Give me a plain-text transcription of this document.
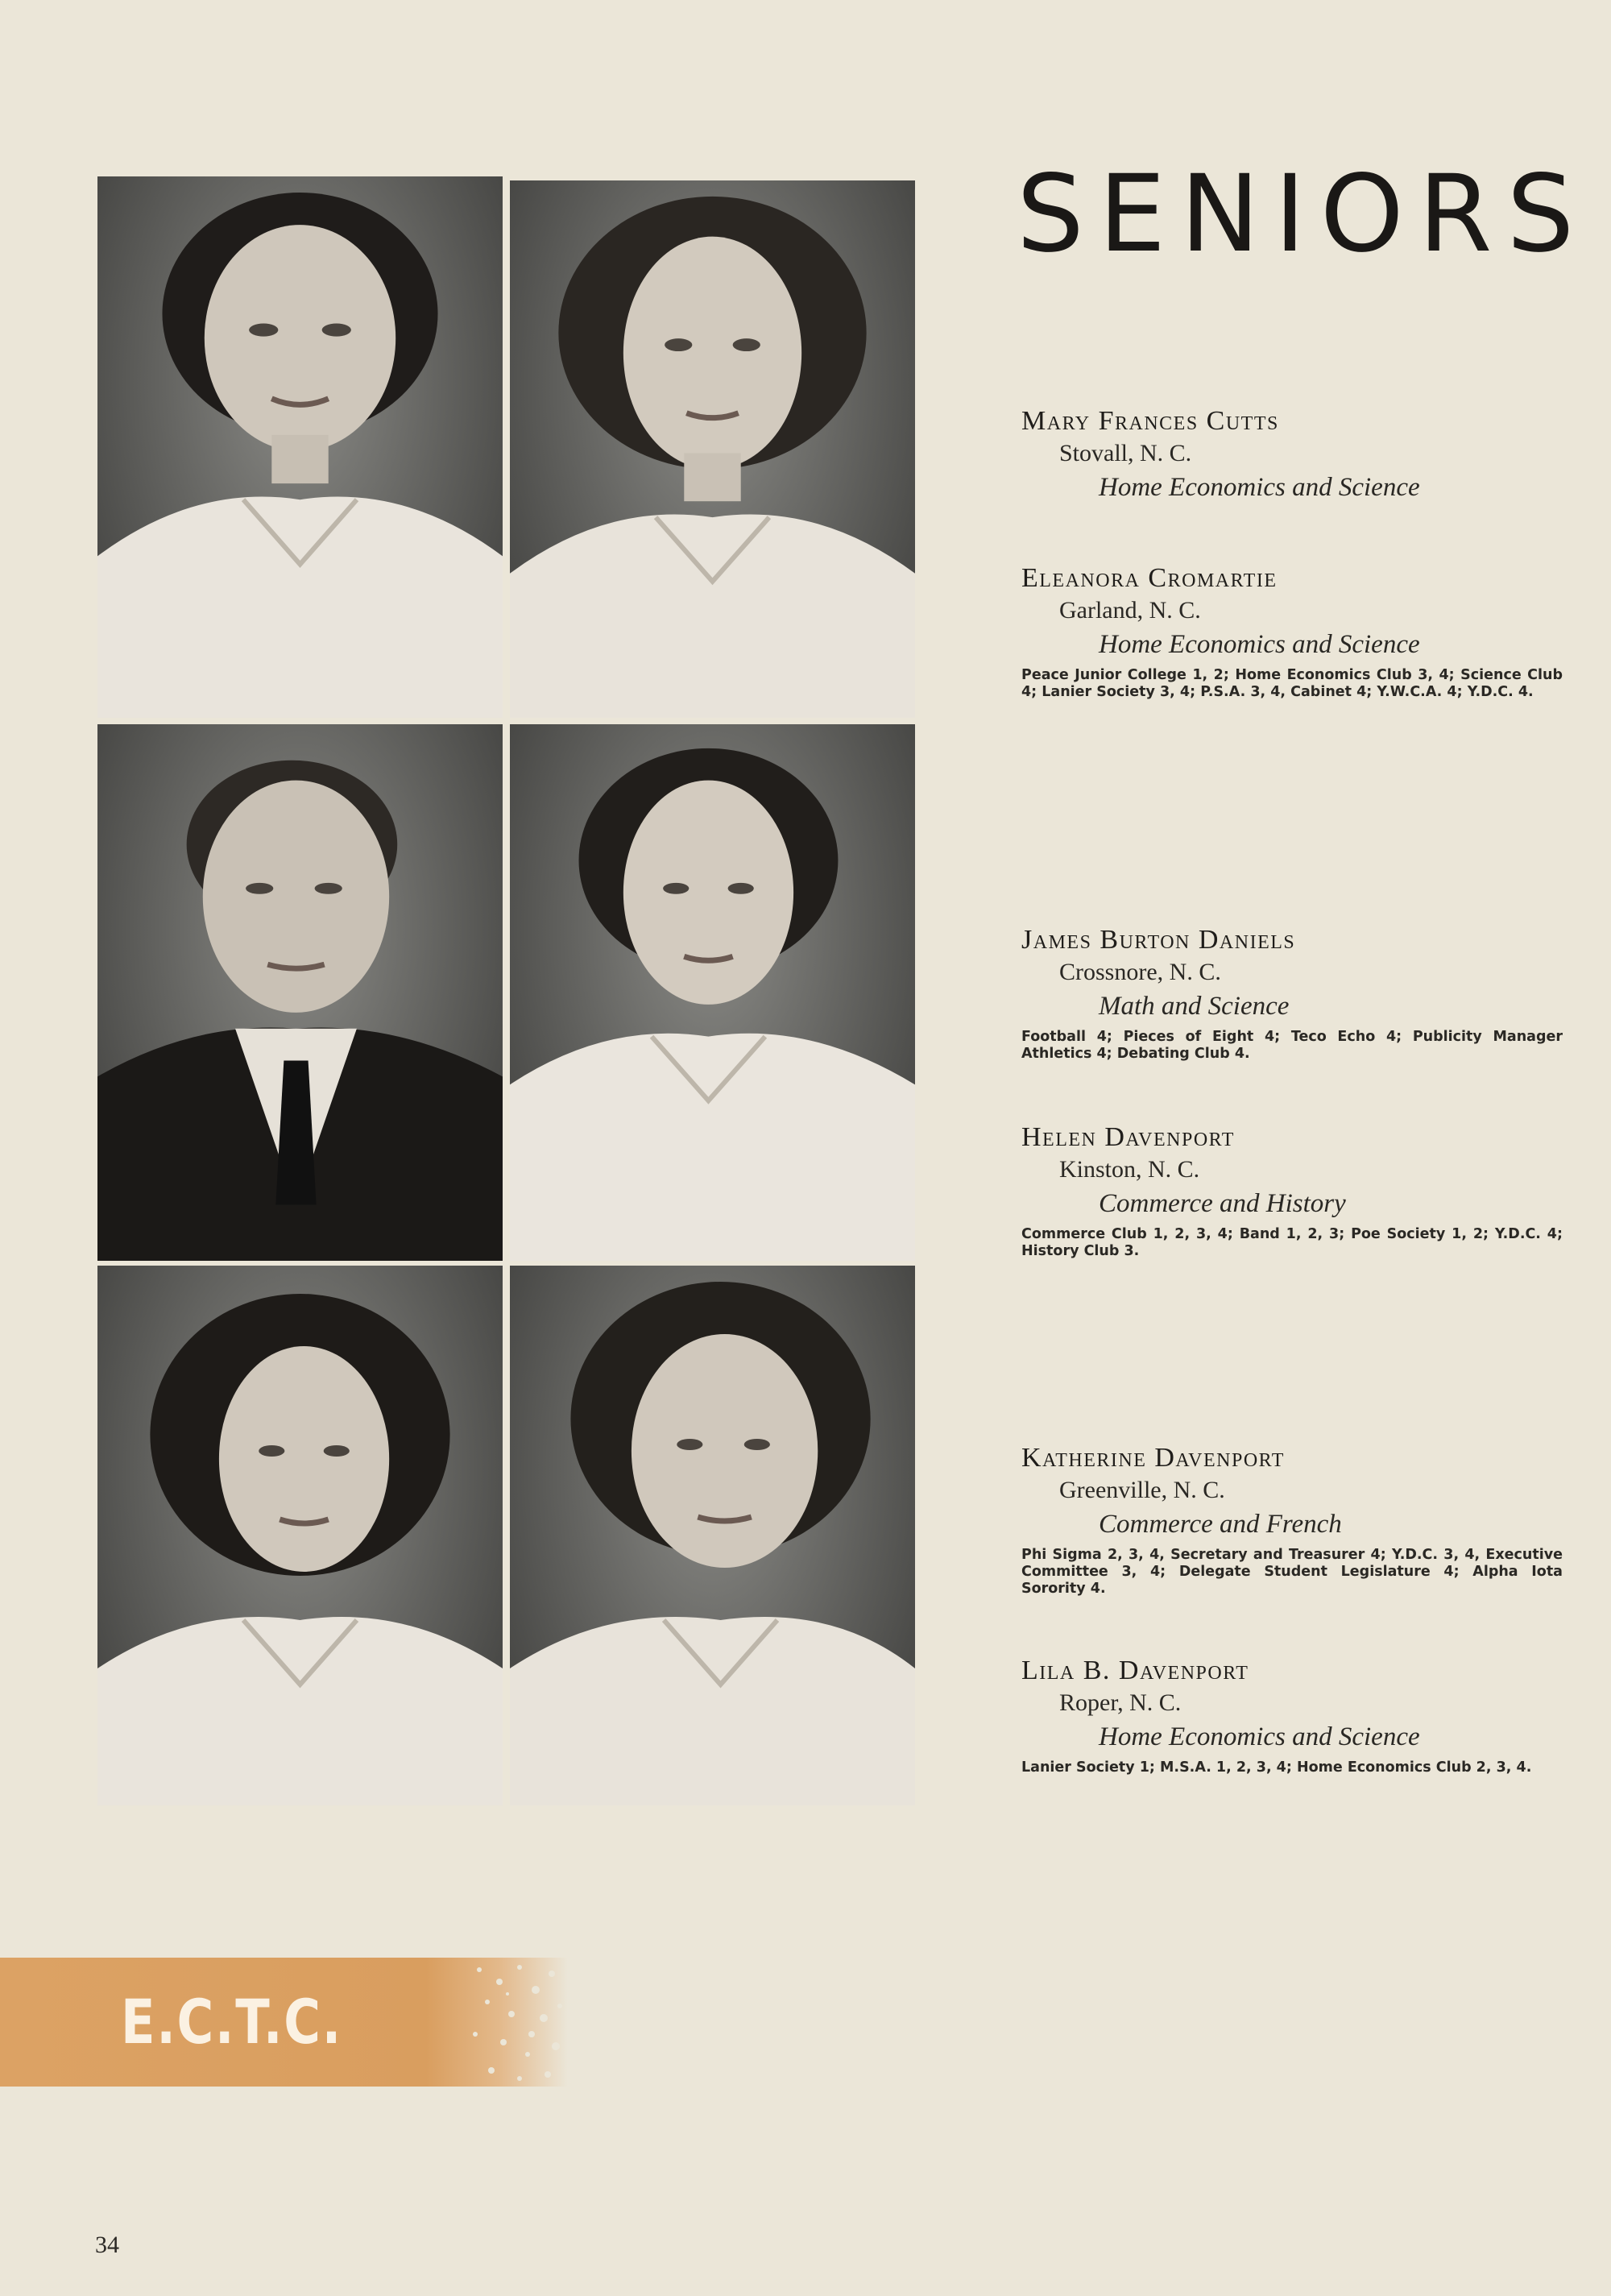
SENIORS
Mary Frances Cutts
Stovall, N. C.
Home Economics and Science
Eleanora Cromartie
Garland, N. C.
Home Economics and Science
Peace Junior College 1, 2; Home Economics Club 3, 4; Science Club 4; Lanier Society 3, 4; P.S.A. 3, 4, Cabinet 4; Y.W.C.A. 4; Y.D.C. 4.
James Burton Daniels
Crossnore, N. C.
Math and Science
Football 4; Pieces of Eight 4; Teco Echo 4; Publicity Manager Athletics 4; Debating Club 4.
Helen Davenport
Kinston, N. C.
Commerce and History
Commerce Club 1, 2, 3, 4; Band 1, 2, 3; Poe Society 1, 2; Y.D.C. 4; History Club 3.
Katherine Davenport
Greenville, N. C.
Commerce and French
Phi Sigma 2, 3, 4, Secretary and Treasurer 4; Y.D.C. 3, 4, Executive Committee 3, 4; Delegate Student Legislature 4; Alpha Iota Sorority 4.
Lila B. Davenport
Roper, N. C.
Home Economics and Science
Lanier Society 1; M.S.A. 1, 2, 3, 4; Home Economics Club 2, 3, 4.
E.C.T.C.
34
